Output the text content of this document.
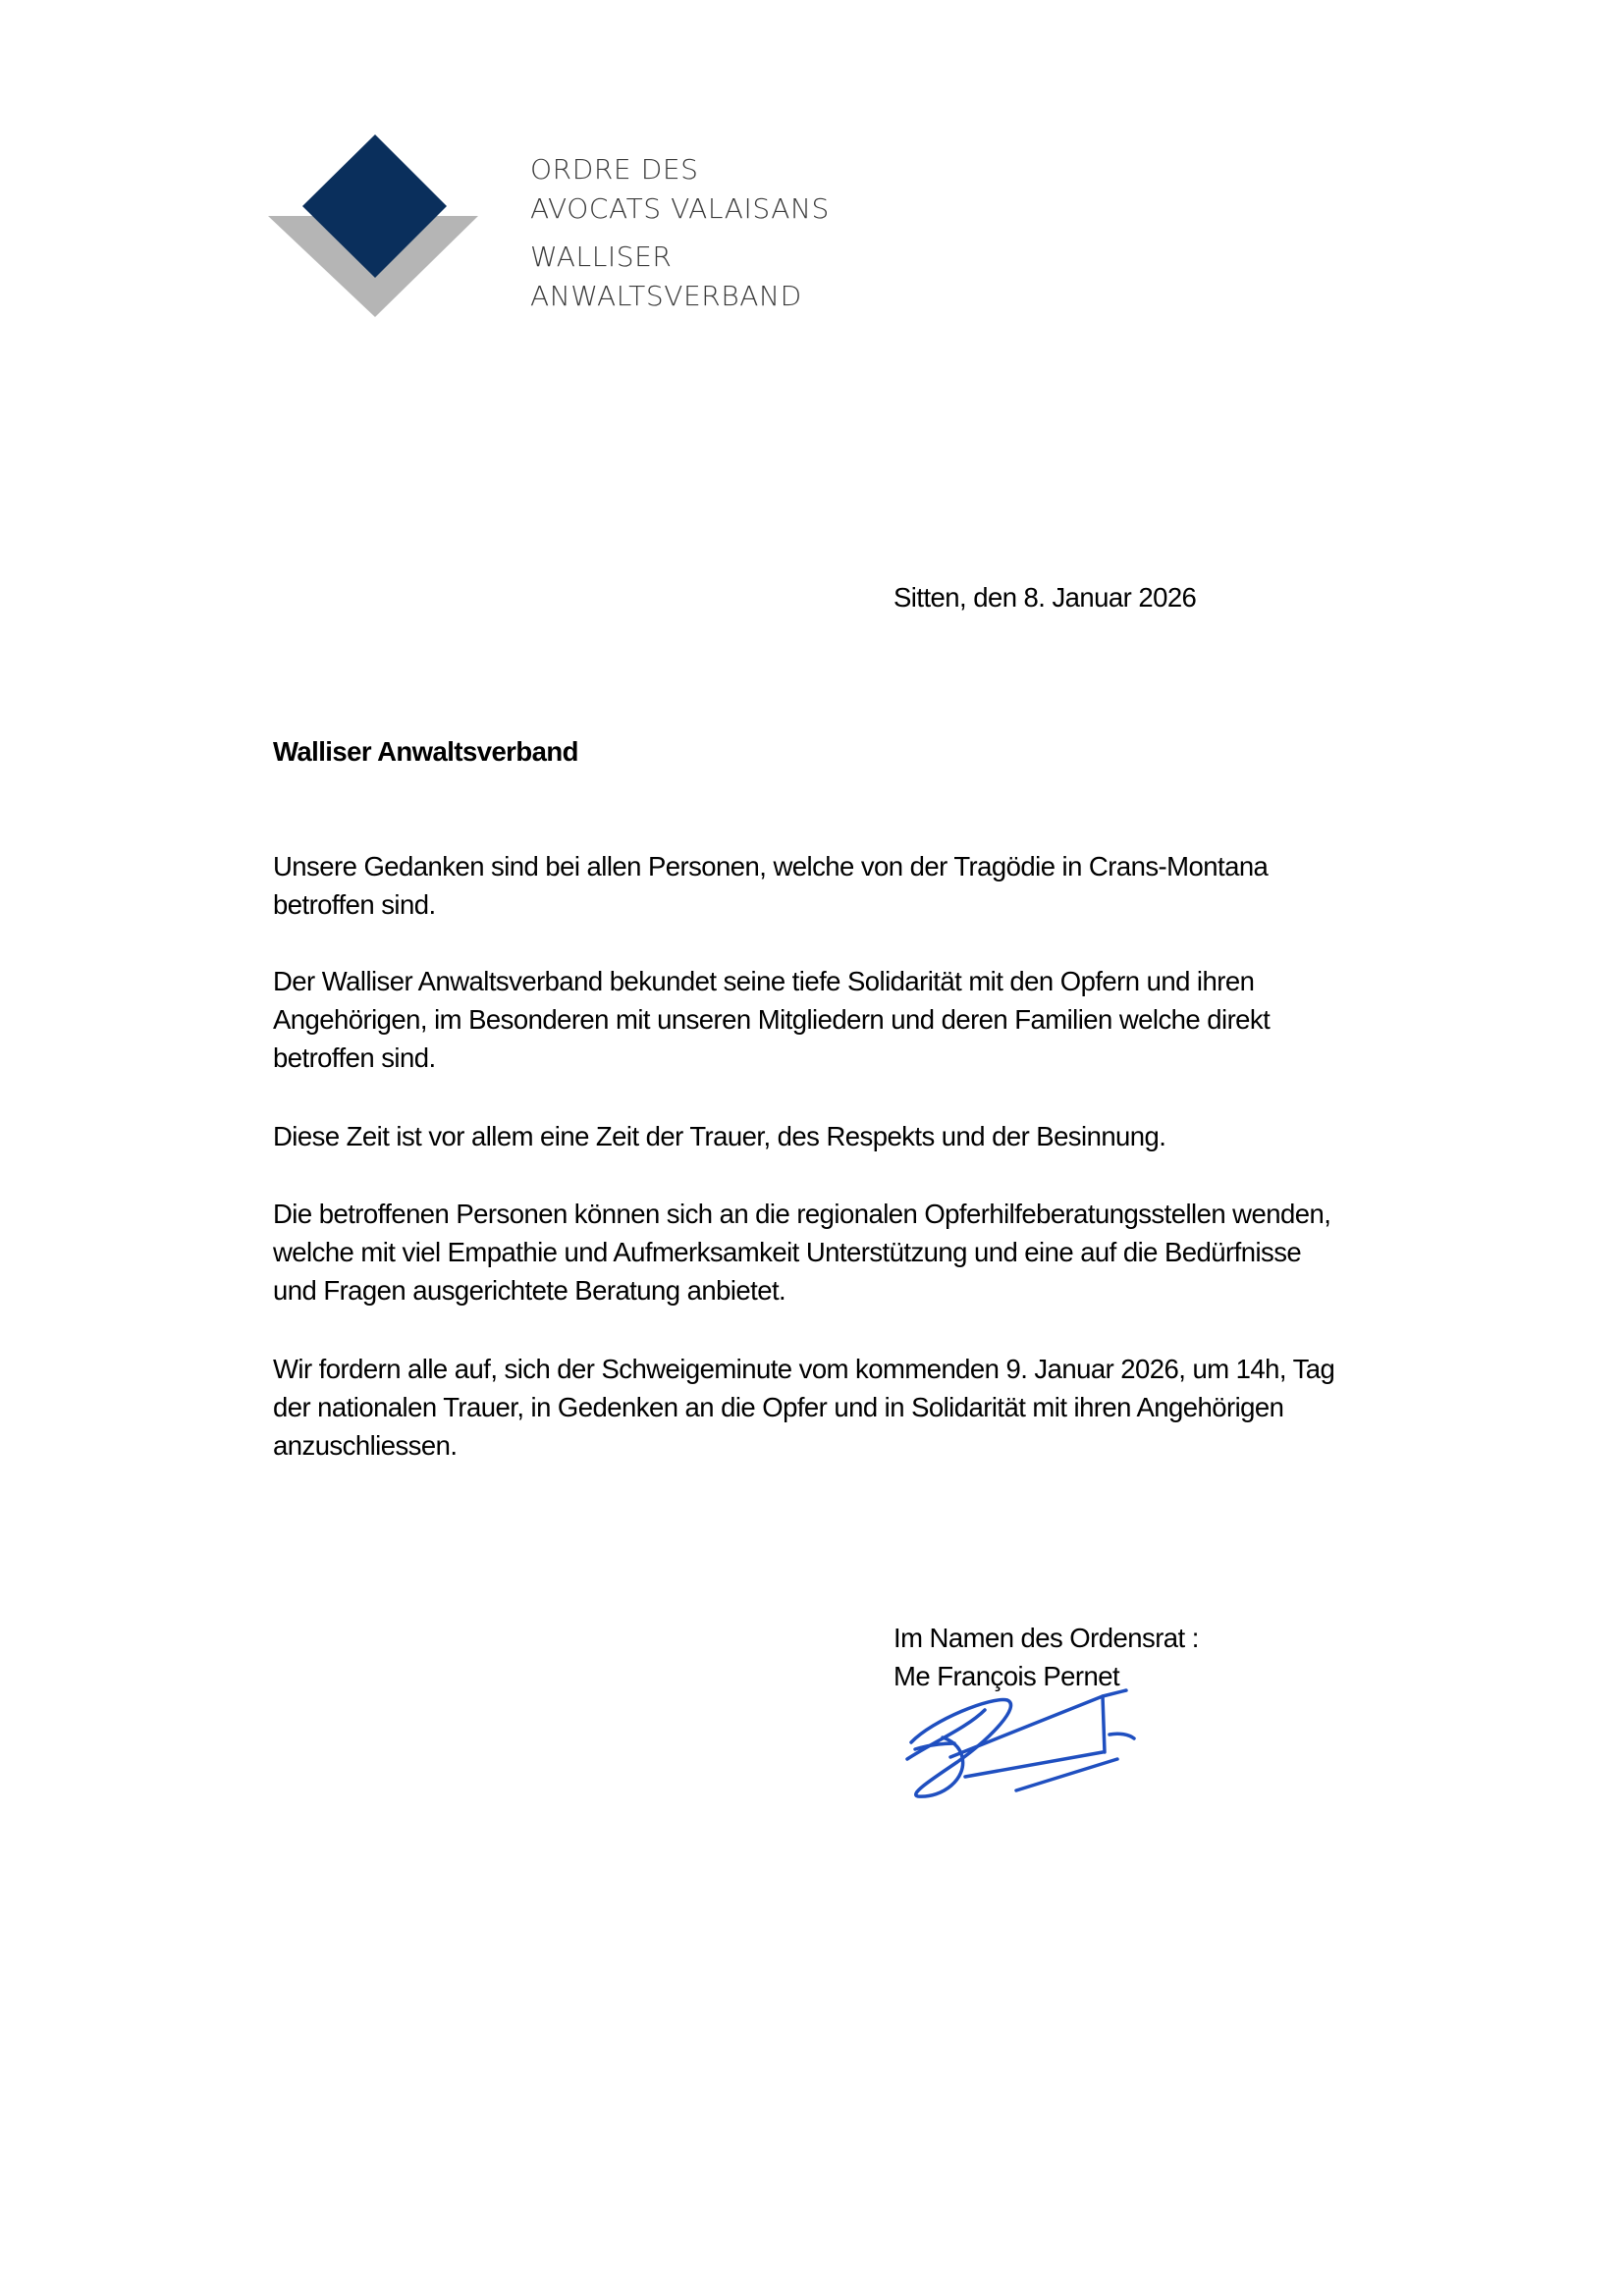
ORDRE DES
AVOCATS VALAISANS
WALLISER
ANWALTSVERBAND
Sitten, den 8. Januar 2026
Walliser Anwaltsverband
Unsere Gedanken sind bei allen Personen, welche von der Tragödie in Crans-Montana
betroffen sind.
Der Walliser Anwaltsverband bekundet seine tiefe Solidarität mit den Opfern und ihren
Angehörigen, im Besonderen mit unseren Mitgliedern und deren Familien welche direkt
betroffen sind.
Diese Zeit ist vor allem eine Zeit der Trauer, des Respekts und der Besinnung.
Die betroffenen Personen können sich an die regionalen Opferhilfeberatungsstellen wenden,
welche mit viel Empathie und Aufmerksamkeit Unterstützung und eine auf die Bedürfnisse
und Fragen ausgerichtete Beratung anbietet.
Wir fordern alle auf, sich der Schweigeminute vom kommenden 9. Januar 2026, um 14h, Tag
der nationalen Trauer, in Gedenken an die Opfer und in Solidarität mit ihren Angehörigen
anzuschliessen.
Im Namen des Ordensrat :
Me François Pernet
